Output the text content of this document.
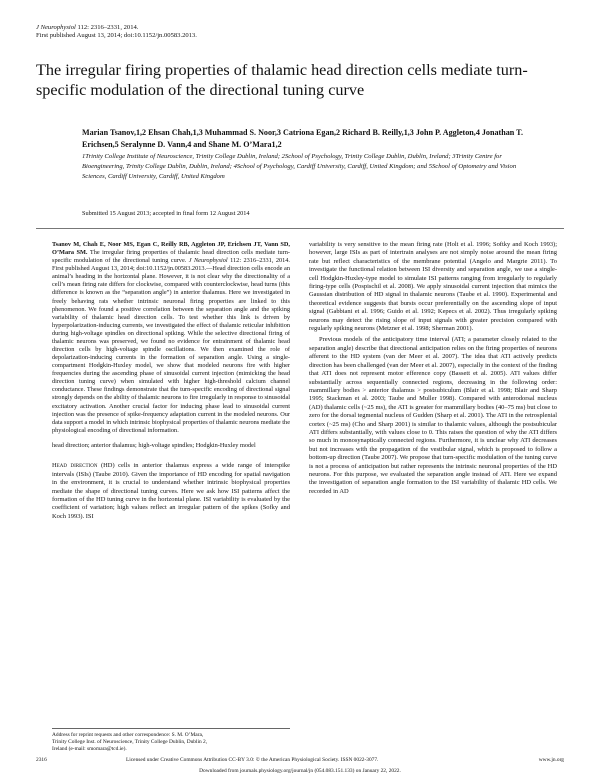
J Neurophysiol 112: 2316–2331, 2014.
First published August 13, 2014; doi:10.1152/jn.00583.2013.
The irregular firing properties of thalamic head direction cells mediate turn-specific modulation of the directional tuning curve
Marian Tsanov,1,2 Ehsan Chah,1,3 Muhammad S. Noor,3 Catriona Egan,2 Richard B. Reilly,1,3 John P. Aggleton,4 Jonathan T. Erichsen,5 Seralynne D. Vann,4 and Shane M. O’Mara1,2
1Trinity College Institute of Neuroscience, Trinity College Dublin, Ireland; 2School of Psychology, Trinity College Dublin, Dublin, Ireland; 3Trinity Centre for Bioengineering, Trinity College Dublin, Dublin, Ireland; 4School of Psychology, Cardiff University, Cardiff, United Kingdom; and 5School of Optometry and Vision Sciences, Cardiff University, Cardiff, United Kingdom
Submitted 15 August 2013; accepted in final form 12 August 2014

Tsanov M, Chah E, Noor MS, Egan C, Reilly RB, Aggleton JP, Erichsen JT, Vann SD, O’Mara SM. The irregular firing properties of thalamic head direction cells mediate turn-specific modulation of the directional tuning curve. J Neurophysiol 112: 2316–2331, 2014. First published August 13, 2014; doi:10.1152/jn.00583.2013.—Head direction cells encode an animal’s heading in the horizontal plane. However, it is not clear why the directionality of a cell’s mean firing rate differs for clockwise, compared with counterclockwise, head turns (this difference is known as the “separation angle”) in anterior thalamus. Here we investigated in freely behaving rats whether intrinsic neuronal firing properties are linked to this phenomenon. We found a positive correlation between the separation angle and the spiking variability of thalamic head direction cells. To test whether this link is driven by hyperpolarization-inducing currents, we investigated the effect of thalamic reticular inhibition during high-voltage spindles on directional spiking. While the selective directional firing of thalamic neurons was preserved, we found no evidence for entrainment of thalamic head direction cells by high-voltage spindle oscillations. We then examined the role of depolarization-inducing currents in the formation of separation angle. Using a single-compartment Hodgkin-Huxley model, we show that modeled neurons fire with higher frequencies during the ascending phase of sinusoidal current injection (mimicking the head direction tuning curve) when simulated with higher high-threshold calcium channel conductance. These findings demonstrate that the turn-specific encoding of directional signal strongly depends on the ability of thalamic neurons to fire irregularly in response to sinusoidal excitatory activation. Another crucial factor for inducing phase lead to sinusoidal current injection was the presence of spike-frequency adaptation current in the modeled neurons. Our data support a model in which intrinsic biophysical properties of thalamic neurons mediate the physiological encoding of directional information.

head direction; anterior thalamus; high-voltage spindles; Hodgkin-Huxley model

Head direction (HD) cells in anterior thalamus express a wide range of interspike intervals (ISIs) (Taube 2010). Given the importance of HD encoding for spatial navigation in the environment, it is crucial to understand whether intrinsic biophysical properties mediate the shape of directional tuning curves. Here we ask how ISI patterns affect the formation of the HD tuning curve in the horizontal plane. ISI variability is evaluated by the coefficient of variation; high values reflect an irregular pattern of the spikes (Sofky and Koch 1993). ISI

Address for reprint requests and other correspondence: S. M. O’Mara,
Trinity College Inst. of Neuroscience, Trinity College Dublin, Dublin 2,
Ireland (e-mail: smomara@tcd.ie).

variability is very sensitive to the mean firing rate (Holt et al. 1996; Softky and Koch 1993); however, large ISIs as part of intertrain analyses are not simply noise around the mean firing rate but reflect characteristics of the membrane potential (Angelo and Margrie 2011). To investigate the functional relation between ISI diversity and separation angle, we use a single-cell Hodgkin-Huxley-type model to simulate ISI patterns ranging from irregularly to regularly firing-type cells (Pospischil et al. 2008). We apply sinusoidal current injection that mimics the Gaussian distribution of HD signal in thalamic neurons (Taube et al. 1990). Experimental and theoretical evidence suggests that bursts occur preferentially on the ascending slope of input signal (Gabbiani et al. 1996; Guido et al. 1992; Kepecs et al. 2002). Thus irregularly spiking neurons may detect the rising slope of input signals with greater precision compared with regularly spiking neurons (Metzner et al. 1998; Sherman 2001).

Previous models of the anticipatory time interval (ATI; a parameter closely related to the separation angle) describe that directional anticipation relies on the firing properties of neurons afferent to the HD system (van der Meer et al. 2007). The idea that ATI actively predicts direction has been challenged (van der Meer et al. 2007), especially in the context of the finding that ATI does not represent motor efference copy (Bassett et al. 2005). ATI values differ substantially across sequentially connected regions, decreasing in the following order: mammillary bodies > anterior thalamus > postsubiculum (Blair et al. 1998; Blair and Sharp 1995; Stackman et al. 2003; Taube and Muller 1998). Compared with anterodorsal nucleus (AD) thalamic cells (~25 ms), the ATI is greater for mammillary bodies (40–75 ms) but close to zero for the dorsal tegmental nucleus of Gudden (Sharp et al. 2001). The ATI in the retrosplenial cortex (~25 ms) (Cho and Sharp 2001) is similar to thalamic values, although the postsubicular ATI differs substantially, with values close to 0. This raises the question of why the ATI differs so much in monosynaptically connected regions. Furthermore, it is unclear why ATI decreases but not increases with the propagation of the vestibular signal, which is proposed to follow a bottom-up direction (Taube 2007). We propose that turn-specific modulation of the tuning curve is not a process of anticipation but rather represents the intrinsic neuronal properties of the HD neurons. For this purpose, we evaluated the separation angle instead of ATI. Here we expand the investigation of separation angle formation to the ISI variability of thalamic HD cells. We recorded in AD

2316	Licensed under Creative Commons Attribution CC-BY 3.0: © the American Physiological Society. ISSN 0022-3077.	www.jn.org
Downloaded from journals.physiology.org/journal/jn (054.083.151.133) on January 22, 2022.
